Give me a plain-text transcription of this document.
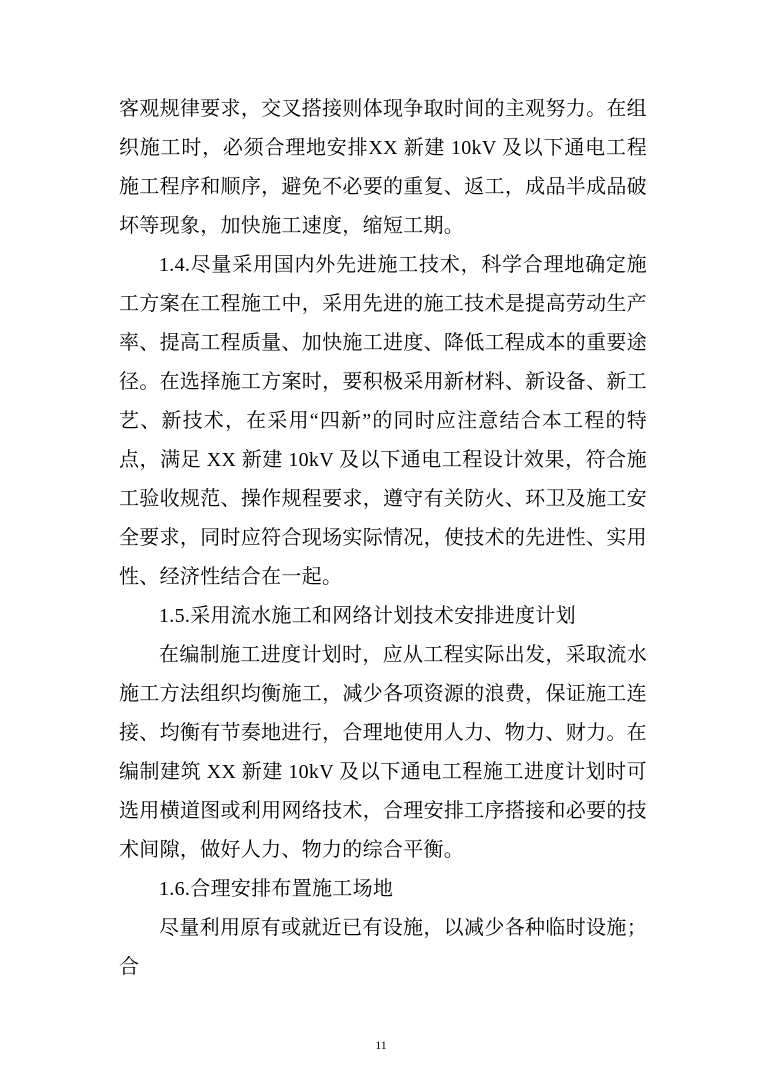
客观规律要求，交叉搭接则体现争取时间的主观努力。在组织施工时，必须合理地安排XX 新建 10kV 及以下通电工程施工程序和顺序，避免不必要的重复、返工，成品半成品破坏等现象，加快施工速度，缩短工期。

1.4.尽量采用国内外先进施工技术，科学合理地确定施工方案在工程施工中，采用先进的施工技术是提高劳动生产率、提高工程质量、加快施工进度、降低工程成本的重要途径。在选择施工方案时，要积极采用新材料、新设备、新工艺、新技术，在采用“四新”的同时应注意结合本工程的特点，满足 XX 新建 10kV 及以下通电工程设计效果，符合施工验收规范、操作规程要求，遵守有关防火、环卫及施工安全要求，同时应符合现场实际情况，使技术的先进性、实用性、经济性结合在一起。

1.5.采用流水施工和网络计划技术安排进度计划

在编制施工进度计划时，应从工程实际出发，采取流水施工方法组织均衡施工，减少各项资源的浪费，保证施工连接、均衡有节奏地进行，合理地使用人力、物力、财力。在编制建筑 XX 新建 10kV 及以下通电工程施工进度计划时可选用横道图或利用网络技术，合理安排工序搭接和必要的技术间隙，做好人力、物力的综合平衡。

1.6.合理安排布置施工场地

尽量利用原有或就近已有设施，以减少各种临时设施；合

11
